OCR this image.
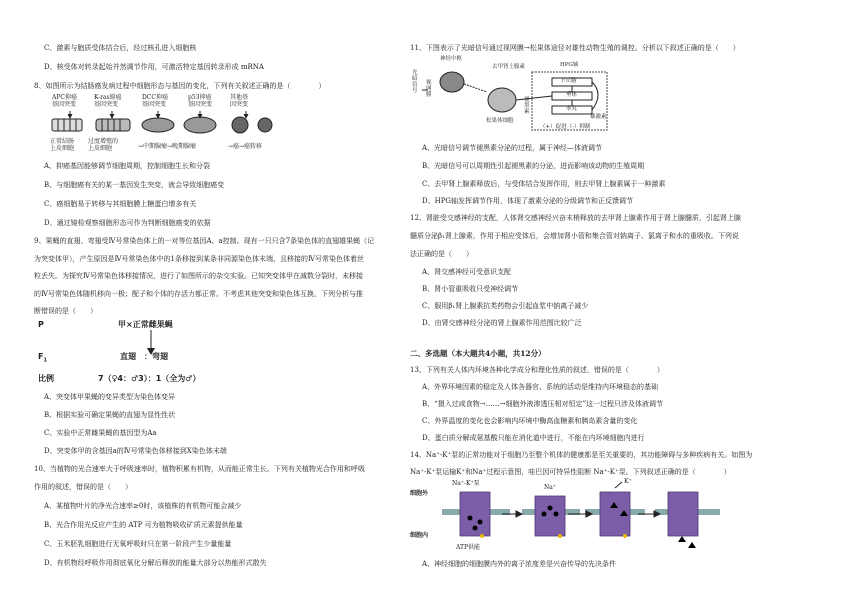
C、激素与胞质受体结合后，经过核孔进入细胞核
D、核受体对转录起始并然调节作用，可激活特定基因转录形成 mRNA
8、如图所示为结肠癌发病过程中细胞形态与基因的变化，下列有关叙述正确的是（　　　　）
APC抑癌
基因突变
K-ras原癌
基因突变
DCC抑癌
基因突变
p53抑癌
基因突变
其他基
因突变
正常结肠
上皮细胞
过度增殖的
上皮细胞	→中期腺瘤→晚期腺瘤	→癌→癌转移
A、抑癌基因能够调节细胞周期，控制细胞生长和分裂
B、与细胞癌有关的某一基因发生突变，就会导致细胞癌变
C、癌细胞易于转移与其细胞膜上糖蛋白增多有关
D、通过镜检观察细胞形态可作为判断细胞癌变的依据
9、果蝇的直翅、弯翅受Ⅳ号常染色体上的一对等位基因A、a控制。现有一只只含7条染色体的直翅雄果蝇（记
为突变体甲），产生原因是Ⅳ号常染色体中的1条移接到某条非同源染色体末端，且移接的Ⅳ号常染色体着丝
粒丢失。为探究Ⅳ号常染色体移接情况，进行了如图所示的杂交实验。已知突变体甲在减数分裂时，未移接
的Ⅳ号常染色体随机移向一极；配子和个体的存活力都正常。不考虑其他突变和染色体互换，下列分析与推
断错误的是（　　）
P	甲×正常雌果蝇
$F_1$	直翅　：弯翅
比例	7（♀4：♂3）：1（全为♂）
A、突变体甲果蝇的变异类型为染色体变异
B、根据实验可确定果蝇的直翅为显性性状
C、实验中正常雌果蝇的基因型为Aa
D、突变体甲的含基因a的Ⅳ号常染色体移接到X染色体末端
10、当植物的光合速率大于呼吸速率时，植物积累有机物，从而能正常生长。下列有关植物光合作用和呼吸
作用的叙述，错误的是（　　）
A、某植物叶片的净光合速率≥0时，该植株的有机物可能会减少
B、光合作用光反应产生的 ATP 可为植物吸收矿质元素提供能量
C、玉米胚乳细胞进行无氧呼吸时只在第一阶段产生少量能量
D、有机物经呼吸作用彻底氧化分解后释放的能量大部分以热能形式散失
11、下图表示了光暗信号通过视网膜→松果体途径对雄性动物生殖的调控。分析以下叙述正确的是（　　）
光暗信号
视网膜
神经中枢
去甲肾上腺素	HPG轴
下丘脑
垂体
睾丸
雄激素
褪黑素
松果体细胞
（+）促进（-）抑制
A、光暗信号调节褪黑素分泌的过程，属于神经—体液调节
B、光暗信号可以周期性引起褪黑素的分泌，进而影响该动物的生殖周期
C、去甲肾上腺素释放后，与受体结合发挥作用，则去甲肾上腺素属于一种激素
D、HPG轴发挥调节作用，体现了激素分泌的分级调节和正反馈调节
12、肾脏受交感神经的支配，人体肾交感神经兴奋末梢释放的去甲肾上腺素作用于肾上腺髓质，引起肾上腺
髓质分泌β₁肾上腺素，作用于相应受体后，会增加肾小管和集合管对钠离子、氯离子和水的重吸收。下列说
法正确的是（　　）
A、肾交感神经可受意识支配
B、肾小管重吸收只受神经调节
C、服用β₁肾上腺素抗类药物会引起血浆中钠离子减少
D、由肾交感神经分泌的肾上腺素作用范围比较广泛
二、多选题（本大题共4小题，共12分）
13、下列有关人体内环境各种化学成分和理化性质的叙述，错误的是（　　　　）
A、外界环境因素的稳定及人体各器官、系统的活动是维持内环境稳态的基础
B、“摄入过咸食物→……→细胞外液渗透压相对恒定”这一过程只涉及体液调节
C、外界温度的变化也会影响内环境中酶高血糖素和胰岛素含量的变化
D、蛋白质分解成氨基酸只能在消化道中进行，不能在内环境细胞内进行
14、Na⁺-K⁺泵的正常功能对于细胞乃至整个机体的健康都是至关重要的，其功能障碍与多种疾病有关。如图为
Na⁺-K⁺泵运输K⁺和Na⁺过程示意图，哇巴因可特异性阻断 Na⁺-K⁺泵。下列叙述正确的是（　　　　）
细胞外
细胞内
Na⁺-K⁺泵
Na⁺
K⁺
ATP供能
A、神经细胞的细胞膜内外的离子浓度差是兴奋传导的先决条件
